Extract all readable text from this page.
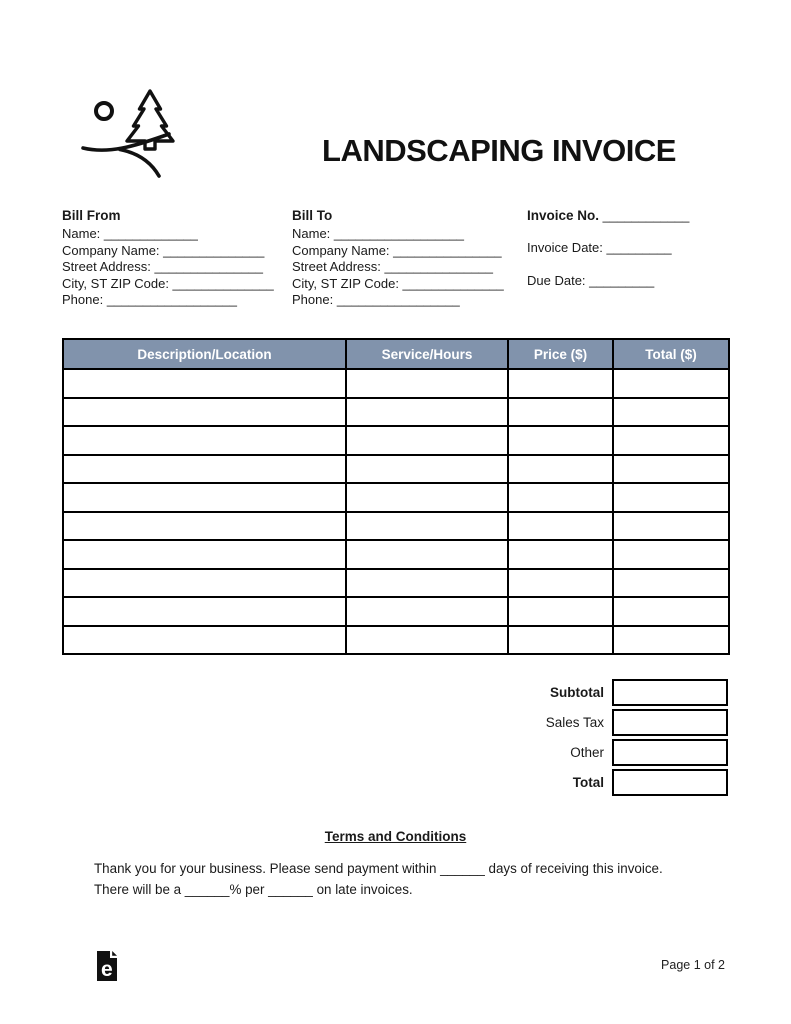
LANDSCAPING INVOICE
Bill From
Name: _____________
Company Name: ______________
Street Address: _______________
City, ST ZIP Code: ______________
Phone: __________________
Bill To
Name: __________________
Company Name: _______________
Street Address: _______________
City, ST ZIP Code: ______________
Phone: _________________
Invoice No. ____________
Invoice Date: _________
Due Date: _________
Description/Location	Service/Hours	Price ($)	Total ($)

Subtotal
Sales Tax
Other
Total
Terms and Conditions
Thank you for your business. Please send payment within ______ days of receiving this invoice. There will be a ______% per ______ on late invoices.
e	Page 1 of 2
